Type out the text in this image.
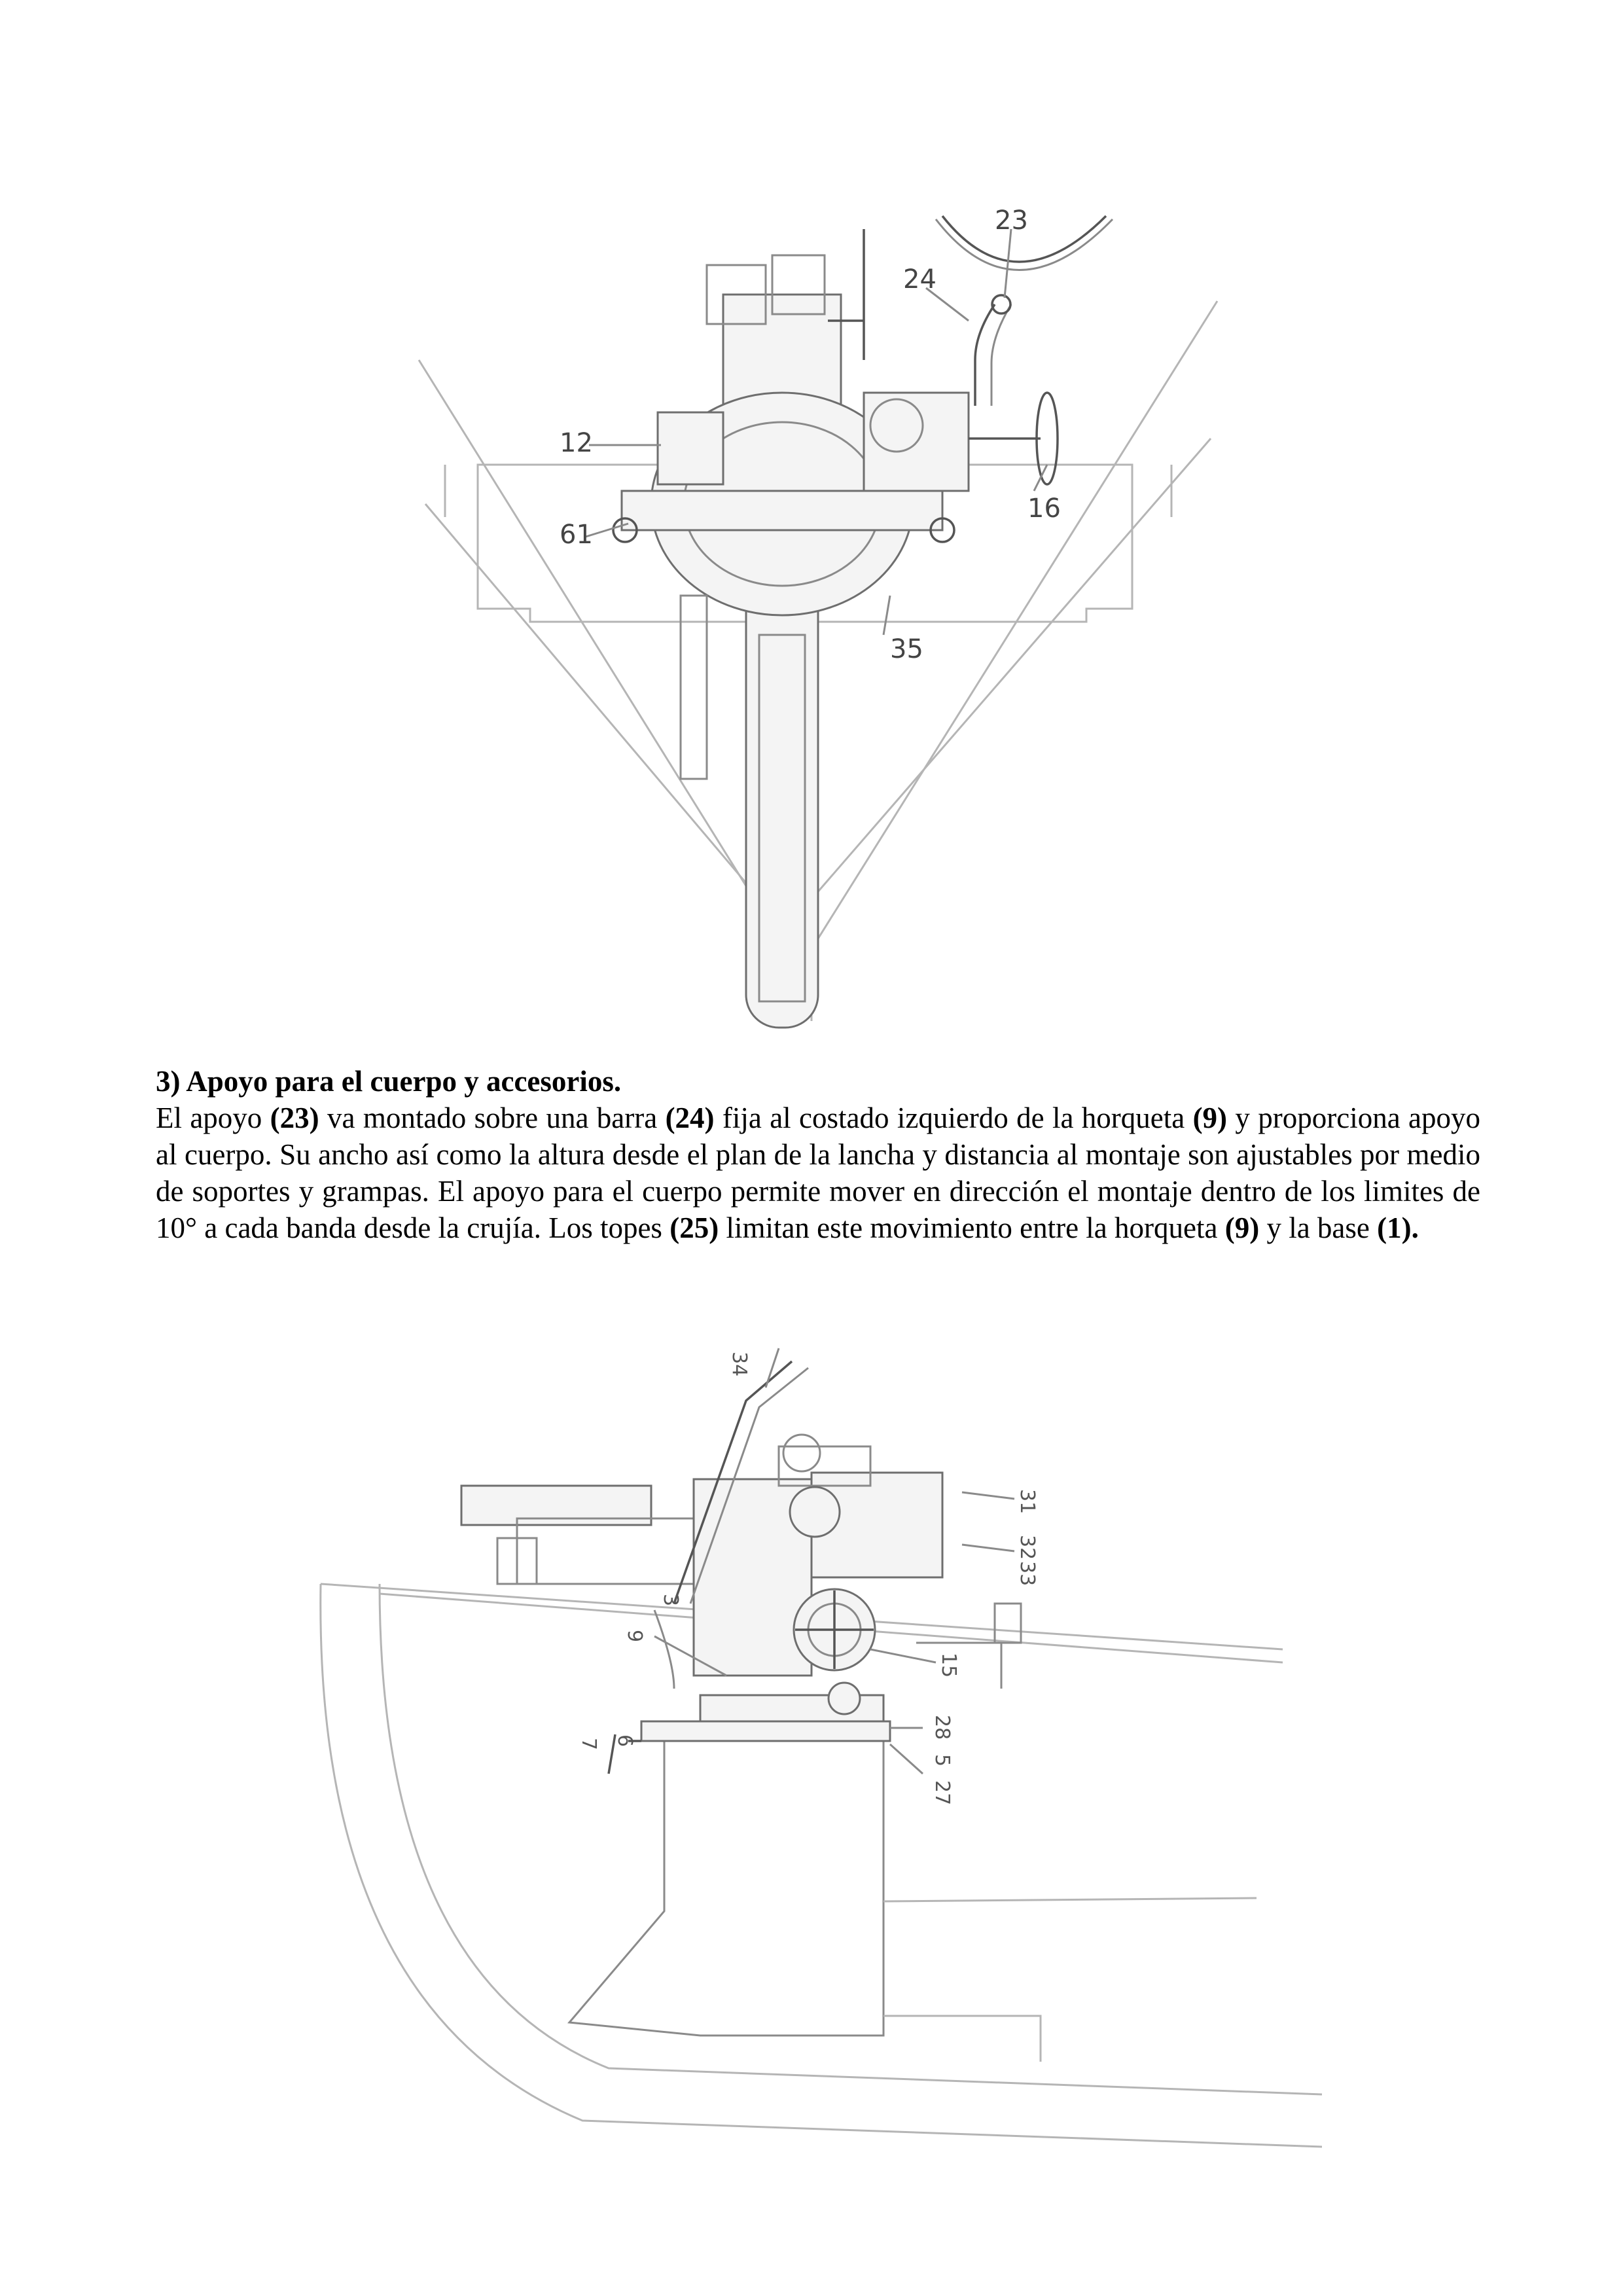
23
24
12
61
16
35
3) Apoyo para el cuerpo y accesorios.

El apoyo (23) va montado sobre una barra (24) fija al costado izquierdo de la horqueta (9) y proporciona apoyo al cuerpo. Su ancho así como la altura desde el plan de la lancha y distancia al montaje son ajustables por medio de soportes y grampas. El apoyo para el cuerpo permite mover en dirección el montaje dentro de los limites de 10° a cada banda desde la crujía. Los topes (25) limitan este movimiento entre la horqueta (9) y la base (1).

34
31
32
33
9
15
7 6
28
5
27
3
